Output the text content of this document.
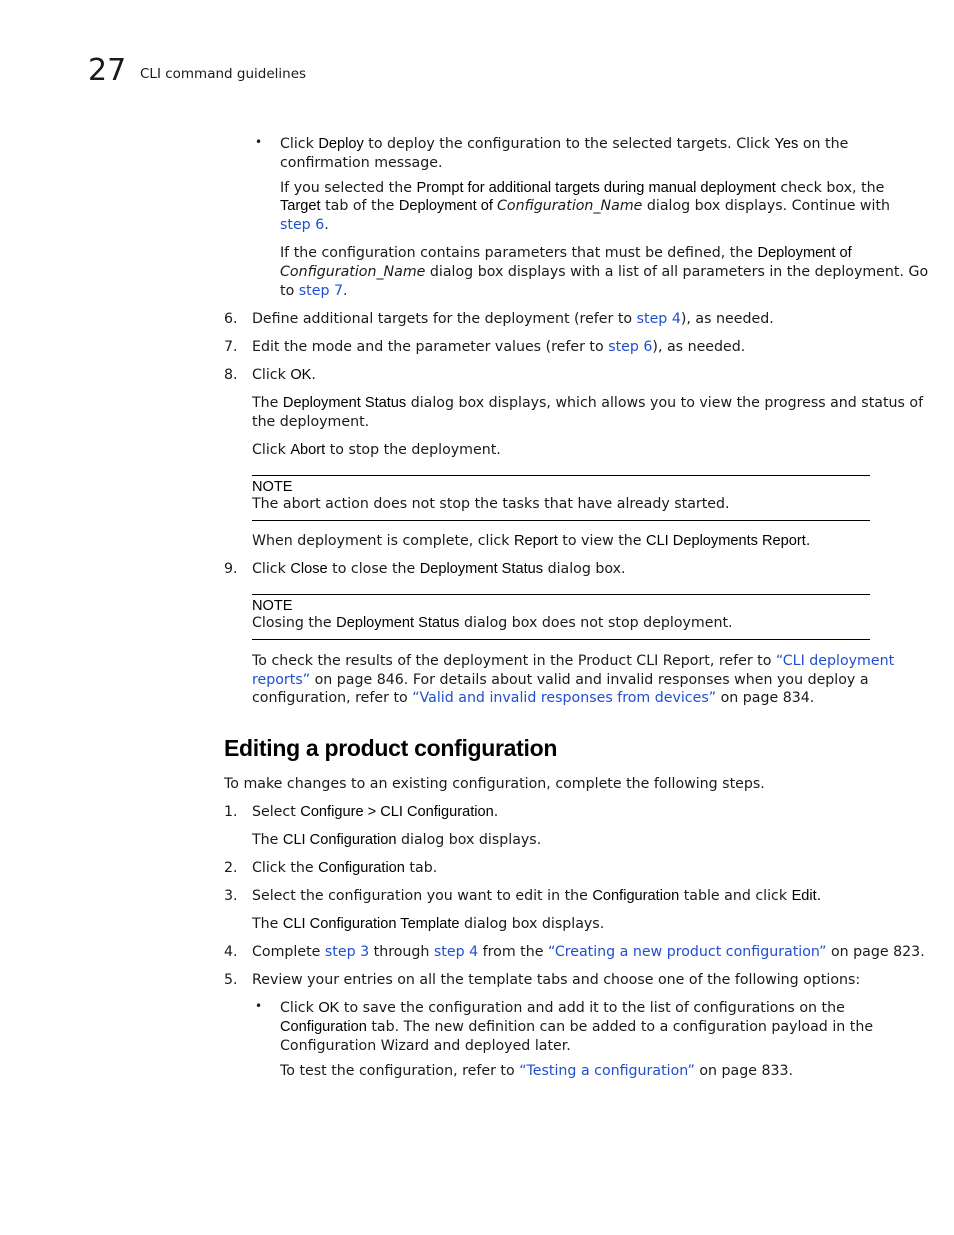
27 CLI command guidelines
• Click Deploy to deploy the configuration to the selected targets. Click Yes on the

confirmation message.

If you selected the Prompt for additional targets during manual deployment check box, the

Target tab of the Deployment of Configuration_Name dialog box displays. Continue with

step 6.

If the configuration contains parameters that must be defined, the Deployment of

Configuration_Name dialog box displays with a list of all parameters in the deployment. Go

to step 7.

6. Define additional targets for the deployment (refer to step 4), as needed.

7. Edit the mode and the parameter values (refer to step 6), as needed.

8. Click OK.

The Deployment Status dialog box displays, which allows you to view the progress and status of

the deployment.

Click Abort to stop the deployment.

NOTE

The abort action does not stop the tasks that have already started.

When deployment is complete, click Report to view the CLI Deployments Report.

9. Click Close to close the Deployment Status dialog box.

NOTE

Closing the Deployment Status dialog box does not stop deployment.

To check the results of the deployment in the Product CLI Report, refer to “CLI deployment

reports” on page 846. For details about valid and invalid responses when you deploy a

configuration, refer to “Valid and invalid responses from devices” on page 834.

Editing a product configuration

To make changes to an existing configuration, complete the following steps.

1. Select Configure > CLI Configuration.

The CLI Configuration dialog box displays.

2. Click the Configuration tab.

3. Select the configuration you want to edit in the Configuration table and click Edit.

The CLI Configuration Template dialog box displays.

4. Complete step 3 through step 4 from the “Creating a new product configuration” on page 823.

5. Review your entries on all the template tabs and choose one of the following options:

• Click OK to save the configuration and add it to the list of configurations on the

Configuration tab. The new definition can be added to a configuration payload in the

Configuration Wizard and deployed later.

To test the configuration, refer to “Testing a configuration” on page 833.
